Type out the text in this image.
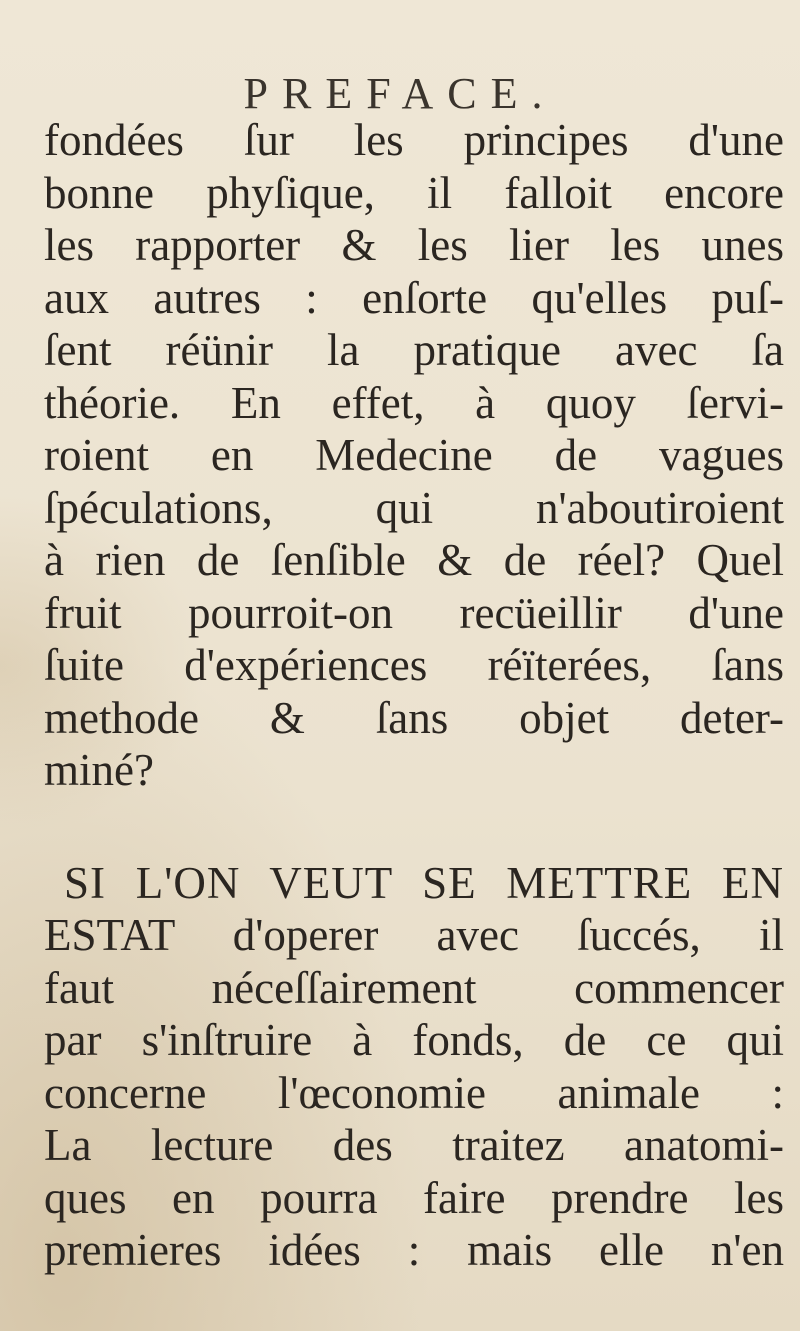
PREFACE.
fondées ſur les principes d'une
bonne phyſique, il falloit encore
les rapporter & les lier les unes
aux autres : enſorte qu'elles puſ-
ſent réünir la pratique avec ſa
théorie. En effet, à quoy ſervi-
roient en Medecine de vagues
ſpéculations, qui n'aboutiroient
à rien de ſenſible & de réel? Quel
fruit pourroit-on recüeillir d'une
ſuite d'expériences réïterées, ſans
methode & ſans objet deter-
miné?
SI L'ON VEUT SE METTRE EN
ESTAT d'operer avec ſuccés, il
faut néceſſairement commencer
par s'inſtruire à fonds, de ce qui
concerne l'œconomie animale :
La lecture des traitez anatomi-
ques en pourra faire prendre les
premieres idées : mais elle n'en
